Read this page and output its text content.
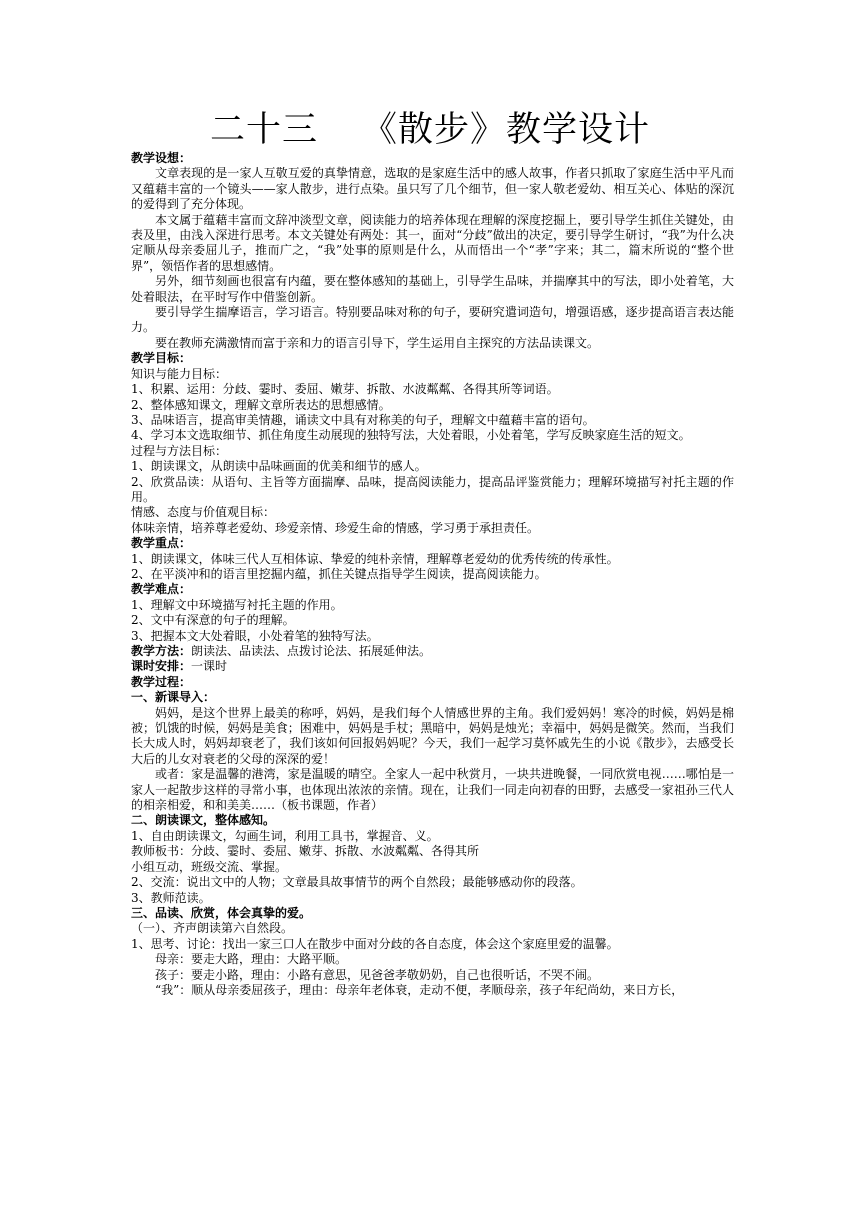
二十三 《散步》教学设计

教学设想：

文章表现的是一家人互敬互爱的真挚情意，选取的是家庭生活中的感人故事，作者只抓取了家庭生活中平凡而又蕴藉丰富的一个镜头——家人散步，进行点染。虽只写了几个细节，但一家人敬老爱幼、相互关心、体贴的深沉的爱得到了充分体现。

本文属于蕴藉丰富而文辞冲淡型文章，阅读能力的培养体现在理解的深度挖掘上，要引导学生抓住关键处，由表及里，由浅入深进行思考。本文关键处有两处：其一，面对“分歧”做出的决定，要引导学生研讨，“我”为什么决定顺从母亲委屈儿子，推而广之，“我”处事的原则是什么，从而悟出一个“孝”字来；其二，篇末所说的“整个世界”，领悟作者的思想感情。

另外，细节刻画也很富有内蕴，要在整体感知的基础上，引导学生品味，并揣摩其中的写法，即小处着笔，大处着眼法，在平时写作中借鉴创新。

要引导学生揣摩语言，学习语言。特别要品味对称的句子，要研究遣词造句，增强语感，逐步提高语言表达能力。

要在教师充满激情而富于亲和力的语言引导下，学生运用自主探究的方法品读课文。

教学目标：

知识与能力目标：

1、积累、运用：分歧、霎时、委屈、嫩芽、拆散、水波粼粼、各得其所等词语。

2、整体感知课文，理解文章所表达的思想感情。

3、品味语言，提高审美情趣，诵读文中具有对称美的句子，理解文中蕴藉丰富的语句。

4、学习本文选取细节、抓住角度生动展现的独特写法，大处着眼，小处着笔，学写反映家庭生活的短文。

过程与方法目标：

1、朗读课文，从朗读中品味画面的优美和细节的感人。

2、欣赏品读：从语句、主旨等方面揣摩、品味，提高阅读能力，提高品评鉴赏能力；理解环境描写衬托主题的作用。

情感、态度与价值观目标：

体味亲情，培养尊老爱幼、珍爱亲情、珍爱生命的情感，学习勇于承担责任。

教学重点：

1、朗读课文，体味三代人互相体谅、挚爱的纯朴亲情，理解尊老爱幼的优秀传统的传承性。

2、在平淡冲和的语言里挖掘内蕴，抓住关键点指导学生阅读，提高阅读能力。

教学难点：

1、理解文中环境描写衬托主题的作用。

2、文中有深意的句子的理解。

3、把握本文大处着眼，小处着笔的独特写法。

教学方法：朗读法、品读法、点拨讨论法、拓展延伸法。

课时安排：一课时

教学过程：

一、新课导入：

妈妈，是这个世界上最美的称呼，妈妈，是我们每个人情感世界的主角。我们爱妈妈！寒冷的时候，妈妈是棉被；饥饿的时候，妈妈是美食；困难中，妈妈是手杖；黑暗中，妈妈是烛光；幸福中，妈妈是微笑。然而，当我们长大成人时，妈妈却衰老了，我们该如何回报妈妈呢？今天，我们一起学习莫怀戚先生的小说《散步》，去感受长大后的儿女对衰老的父母的深深的爱！

或者：家是温馨的港湾，家是温暖的晴空。全家人一起中秋赏月，一块共进晚餐，一同欣赏电视……哪怕是一家人一起散步这样的寻常小事，也体现出浓浓的亲情。现在，让我们一同走向初春的田野，去感受一家祖孙三代人的相亲相爱，和和美美……（板书课题，作者）

二、朗读课文，整体感知。

1、自由朗读课文，勾画生词，利用工具书，掌握音、义。

教师板书：分歧、霎时、委屈、嫩芽、拆散、水波粼粼、各得其所

小组互动，班级交流、掌握。

2、交流：说出文中的人物；文章最具故事情节的两个自然段；最能够感动你的段落。

3、教师范读。

三、品读、欣赏，体会真挚的爱。

（一）、齐声朗读第六自然段。

1、思考、讨论：找出一家三口人在散步中面对分歧的各自态度，体会这个家庭里爱的温馨。

母亲：要走大路，理由：大路平顺。

孩子：要走小路，理由：小路有意思，见爸爸孝敬奶奶，自己也很听话，不哭不闹。

“我”：顺从母亲委屈孩子，理由：母亲年老体衰，走动不便，孝顺母亲，孩子年纪尚幼，来日方长，
